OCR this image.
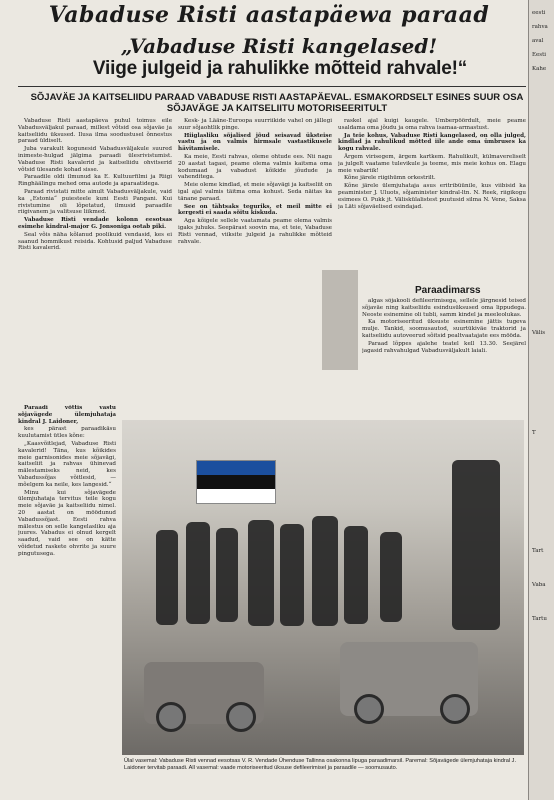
Vabaduse Risti aastapäewa paraad
„Vabaduse Risti kangelased!
Viige julgeid ja rahulikke mõtteid rahvale!“
SÕJAVÄE JA KAITSELIIDU PARAAD VABADUSE RISTI AASTAPÄEVAL. ESMAKORDSELT ESINES SUUR OSA SÕJAVÄGE JA KAITSELIITU MOTORISEERITULT

Vabaduse Risti aastapäeva puhul toimus eile Vabadusväljakul paraad, millest võtsid osa sõjaväe ja kaitseliidu üksused. Ilusa ilma soodustusel õnnestus paraad üldiselt.

Juba varakult kogunesid Vabadusväljakule suured inimeste-hulgad jälgima paraadi ülesrivistumist. Vabaduse Risti kavalerid ja kaitseliidu ohvitserid võtsid ülesande kohad sisse.

Paraadile oldi ilmunud ka E. Kultuurfilmi ja Riigi Ringhäälingu mehed oma autode ja aparaatidega.

Paraad rivistati mitte ainult Vabadusväljakule, vaid ka „Estonia“ puiesteele kuni Eesti Pangani. Kui rivistumine oli lõpetatud, ilmusid paraadile riigivanem ja valitsuse liikmed.

Vabaduse Risti vendade kolonn eesotsas esimehe kindral-major G. Jonsoniga ootab piki.

Seal võis näha kõlanud poolikuid vendasid, kes ei saanud hommikust reisida. Kohtusid paljud Vabaduse Risti kavalerid.

Paraadi võttis vastu sõjavägede ülemjuhataja kindral J. Laidoner,

kes pärast paraadikäsu kuulutamist ütles kõne:

„Kaasvõitlejad, Vabaduse Risti kavalerid! Täna, kus kõikides meie garnisonides meie sõjavägi, kaitseliit ja rahvas ühinevad mälestamiseks neid, kes Vabadussõjas võitlesid, — mõelgem ka neile, kes langesid.“

Minu kui sõjavägede ülemjuhataja tervitus teile kogu meie sõjaväe ja kaitseliidu nimel. 20 aastat on möödunud Vabadussõjast. Eesti rahva mälestus on selle kangelasliku aja juures. Vabadus ei olnud kergelt saadud, vaid see on kätte võidetud raskete ohvrite ja suure pingutusega.

Kesk- ja Lääne-Euroopa suurriikide vahel on jällegi suur sõjaohtlik pinge.

Hiiglasliku sõjalised jõud seisavad üksteise vastu ja on valmis hirmsale vastastikusele hävitamisele.

Ka meie, Eesti rahvas, oleme ohtude ees. Nii nagu 20 aastat tagasi, peame olema valmis kaitsma oma kodumaad ja vabadust kõikide jõudude ja vahenditega.

Meie oleme kindlad, et meie sõjavägi ja kaitseliit on igal ajal valmis täitma oma kohust. Seda näitas ka tänane paraad.

See on tähtsaks teguriks, et meil mitte ei kergesti ei saada sõitu kiskuda.

Aga kõigele sellele vaatamata peame olema valmis igaks juhuks. Seepärast soovin ma, et teie, Vabaduse Risti vennad, viiksite julgeid ja rahulikke mõtteid rahvale.

raskel ajal kuigi kaugele. Ümberpöördult, meie peame usaldama oma jõudu ja oma rahva isamaa-armastust.

Ja teie kohus, Vabaduse Risti kangelased, on olla julged, kindlad ja rahulikud mõtted iile ande oma ümbruses ka kogu rahvale.

Ärgem virisegem, ärgem kartkem. Rahulikult, külmavereliselt ja julgelt vaatame tulevikule ja teeme, mis meie kohus on. Elagu meie vabariik!

Kõne järele riigihümn orkestrilt.

Kõne järele ülemjuhataja asus eritribüünile, kus viibisid ka peaminister J. Uluots, sõjaminister kindral-ltn. N. Reek, riigikogu esimees O. Pukk jt. Väliskülalistest puutusid silma N. Vene, Saksa ja Läti sõjaväelised esindajad.

Paraadimarss

algas sõjakooli defileerimisega, sellele järgnesid teised sõjaväe ning kaitseliidu esindusüksused oma lippudega. Neoste esinemine oli tubli, samm kindel ja meeleolukas.

Ka motoriseeritud üksuste esinemine jättis tugeva mulje. Tankid, soomusautod, suurtükiväe traktorid ja kaitseliidu autoveerud sõitsid pealtvaatajate ees mööda.

Paraad lõppes ajalehe teatel kell 13.30. Seejärel jagasid rahvahulgad Vabadusväljakult laiali.

Ülal vasemal: Vabaduse Risti vennad eesotsas V. R. Vendade Ühenduse Tallinna osakonna lipuga paraadimarsil. Paremal: Sõjavägede ülemjuhataja kindral J. Laidoner tervitab paraadi. All vasemal: vaade motoriseeritud üksuse defileerimisel ja paraadile — soomusauto.
eesti
rahva
aval
Eesti
Kahe
Välis
T
Tart
Vaba
Tartu
